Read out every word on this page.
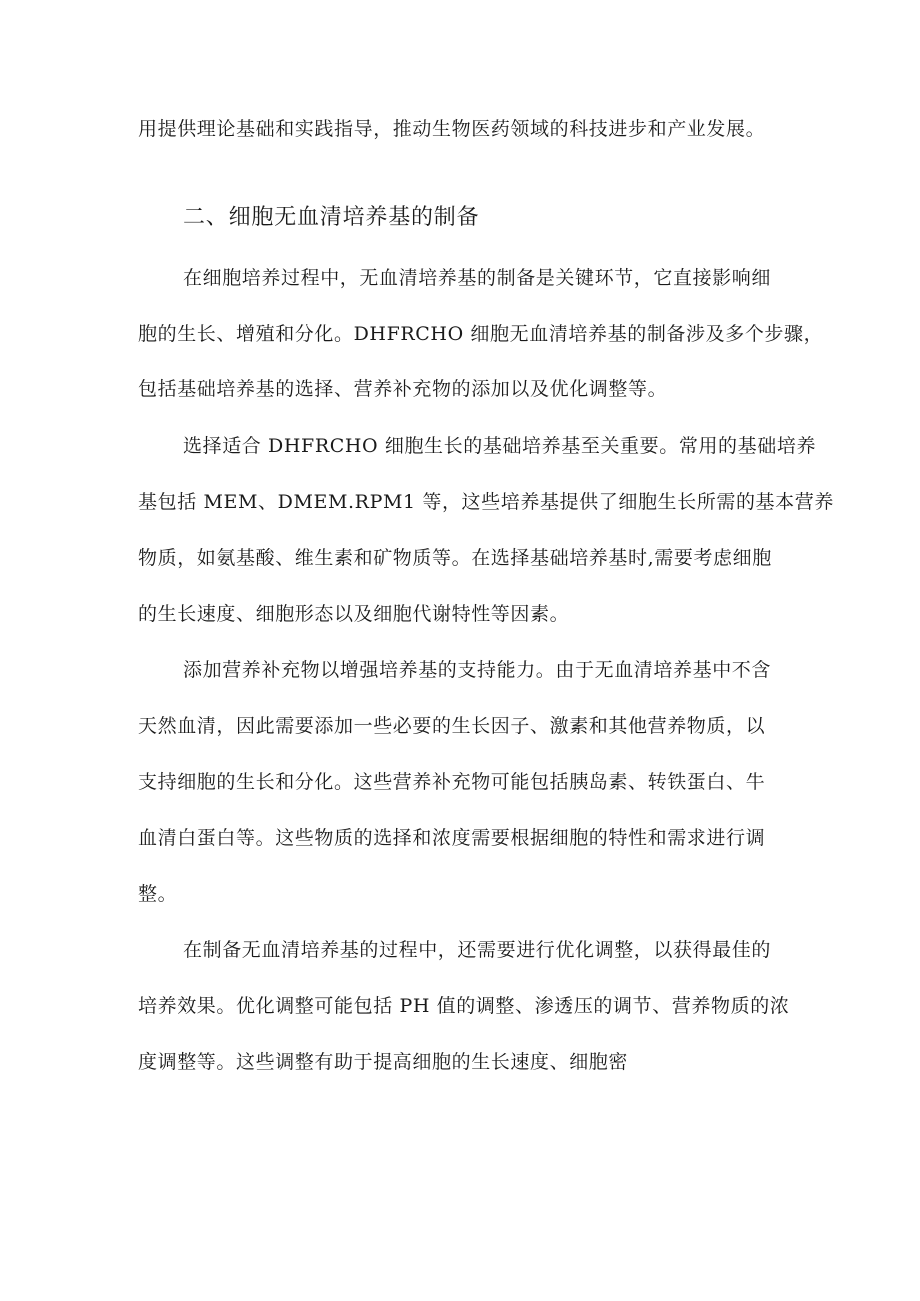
用提供理论基础和实践指导，推动生物医药领域的科技进步和产业发展。
二、细胞无血清培养基的制备
在细胞培养过程中，无血清培养基的制备是关键环节，它直接影响细
胞的生长、增殖和分化。DHFRCHO 细胞无血清培养基的制备涉及多个步骤，
包括基础培养基的选择、营养补充物的添加以及优化调整等。
选择适合 DHFRCHO 细胞生长的基础培养基至关重要。常用的基础培养
基包括 MEM、DMEM.RPM1 等，这些培养基提供了细胞生长所需的基本营养
物质，如氨基酸、维生素和矿物质等。在选择基础培养基时,需要考虑细胞
的生长速度、细胞形态以及细胞代谢特性等因素。
添加营养补充物以增强培养基的支持能力。由于无血清培养基中不含
天然血清，因此需要添加一些必要的生长因子、激素和其他营养物质，以
支持细胞的生长和分化。这些营养补充物可能包括胰岛素、转铁蛋白、牛
血清白蛋白等。这些物质的选择和浓度需要根据细胞的特性和需求进行调
整。
在制备无血清培养基的过程中，还需要进行优化调整，以获得最佳的
培养效果。优化调整可能包括 PH 值的调整、渗透压的调节、营养物质的浓
度调整等。这些调整有助于提高细胞的生长速度、细胞密
